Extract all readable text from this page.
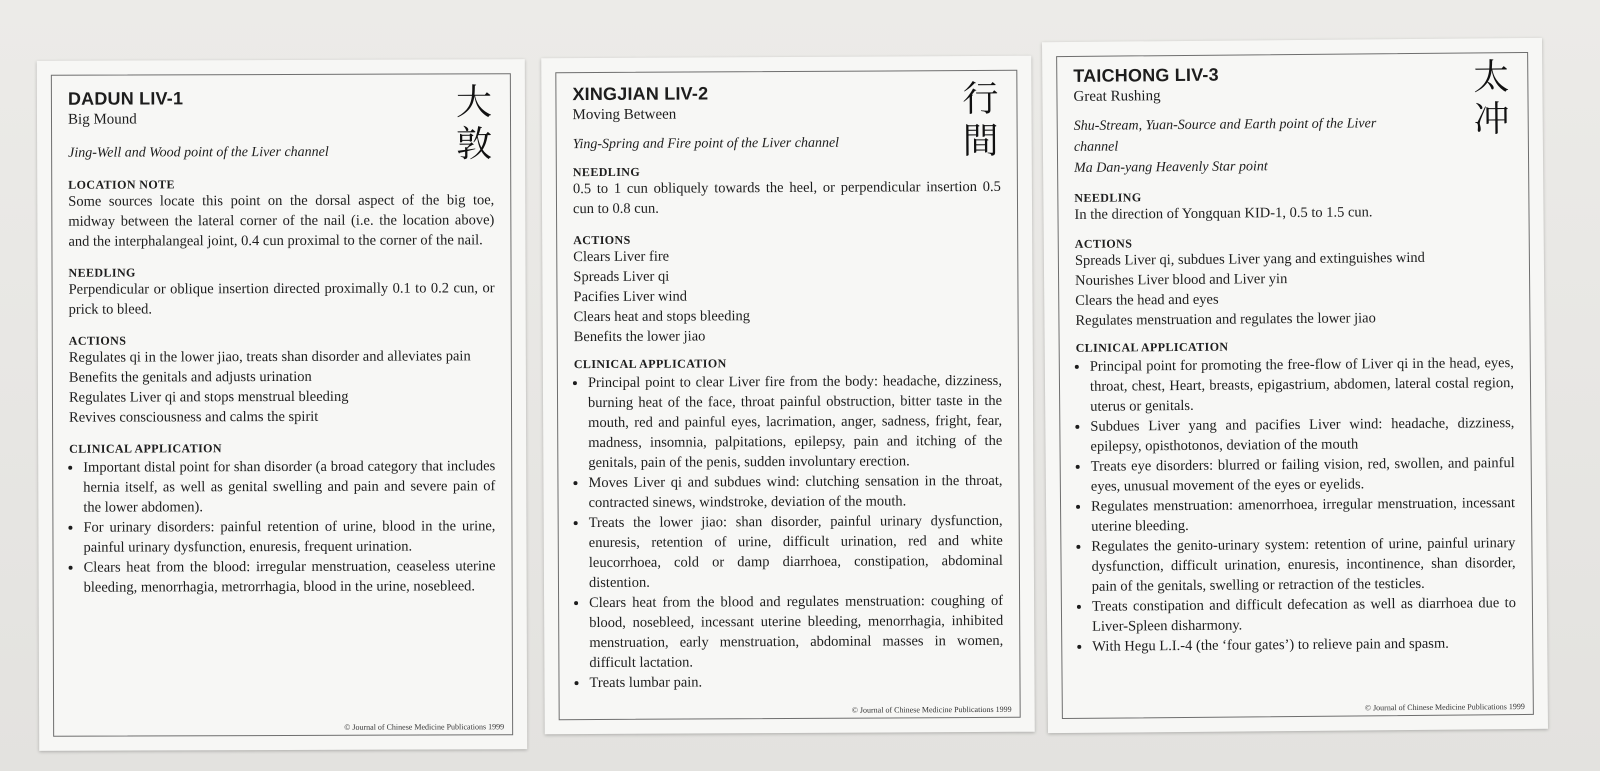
大
敦
DADUN LIV-1
Big Mound
Jing-Well and Wood point of the Liver channel
LOCATION NOTE
Some sources locate this point on the dorsal aspect of the big toe, midway between the lateral corner of the nail (i.e. the location above) and the interphalangeal joint, 0.4 cun proximal to the corner of the nail.
NEEDLING
Perpendicular or oblique insertion directed proximally 0.1 to 0.2 cun, or prick to bleed.
ACTIONS
Regulates qi in the lower jiao, treats shan disorder and alleviates pain
Benefits the genitals and adjusts urination
Regulates Liver qi and stops menstrual bleeding
Revives consciousness and calms the spirit
CLINICAL APPLICATION
• Important distal point for shan disorder (a broad category that includes hernia itself, as well as genital swelling and pain and severe pain of the lower abdomen).
• For urinary disorders: painful retention of urine, blood in the urine, painful urinary dysfunction, enuresis, frequent urination.
• Clears heat from the blood: irregular menstruation, ceaseless uterine bleeding, menorrhagia, metrorrhagia, blood in the urine, nosebleed.
© Journal of Chinese Medicine Publications 1999
行
間
XINGJIAN LIV-2
Moving Between
Ying-Spring and Fire point of the Liver channel
NEEDLING
0.5 to 1 cun obliquely towards the heel, or perpendicular insertion 0.5 cun to 0.8 cun.
ACTIONS
Clears Liver fire
Spreads Liver qi
Pacifies Liver wind
Clears heat and stops bleeding
Benefits the lower jiao
CLINICAL APPLICATION
• Principal point to clear Liver fire from the body: headache, dizziness, burning heat of the face, throat painful obstruction, bitter taste in the mouth, red and painful eyes, lacrimation, anger, sadness, fright, fear, madness, insomnia, palpitations, epilepsy, pain and itching of the genitals, pain of the penis, sudden involuntary erection.
• Moves Liver qi and subdues wind: clutching sensation in the throat, contracted sinews, windstroke, deviation of the mouth.
• Treats the lower jiao: shan disorder, painful urinary dysfunction, enuresis, retention of urine, difficult urination, red and white leucorrhoea, cold or damp diarrhoea, constipation, abdominal distention.
• Clears heat from the blood and regulates menstruation: coughing of blood, nosebleed, incessant uterine bleeding, menorrhagia, inhibited menstruation, early menstruation, abdominal masses in women, difficult lactation.
• Treats lumbar pain.
© Journal of Chinese Medicine Publications 1999
太
冲
TAICHONG LIV-3
Great Rushing
Shu-Stream, Yuan-Source and Earth point of the Liver channel
Ma Dan-yang Heavenly Star point
NEEDLING
In the direction of Yongquan KID-1, 0.5 to 1.5 cun.
ACTIONS
Spreads Liver qi, subdues Liver yang and extinguishes wind
Nourishes Liver blood and Liver yin
Clears the head and eyes
Regulates menstruation and regulates the lower jiao
CLINICAL APPLICATION
• Principal point for promoting the free-flow of Liver qi in the head, eyes, throat, chest, Heart, breasts, epigastrium, abdomen, lateral costal region, uterus or genitals.
• Subdues Liver yang and pacifies Liver wind: headache, dizziness, epilepsy, opisthotonos, deviation of the mouth
• Treats eye disorders: blurred or failing vision, red, swollen, and painful eyes, unusual movement of the eyes or eyelids.
• Regulates menstruation: amenorrhoea, irregular menstruation, incessant uterine bleeding.
• Regulates the genito-urinary system: retention of urine, painful urinary dysfunction, difficult urination, enuresis, incontinence, shan disorder, pain of the genitals, swelling or retraction of the testicles.
• Treats constipation and difficult defecation as well as diarrhoea due to Liver-Spleen disharmony.
• With Hegu L.I.-4 (the ‘four gates’) to relieve pain and spasm.
© Journal of Chinese Medicine Publications 1999
